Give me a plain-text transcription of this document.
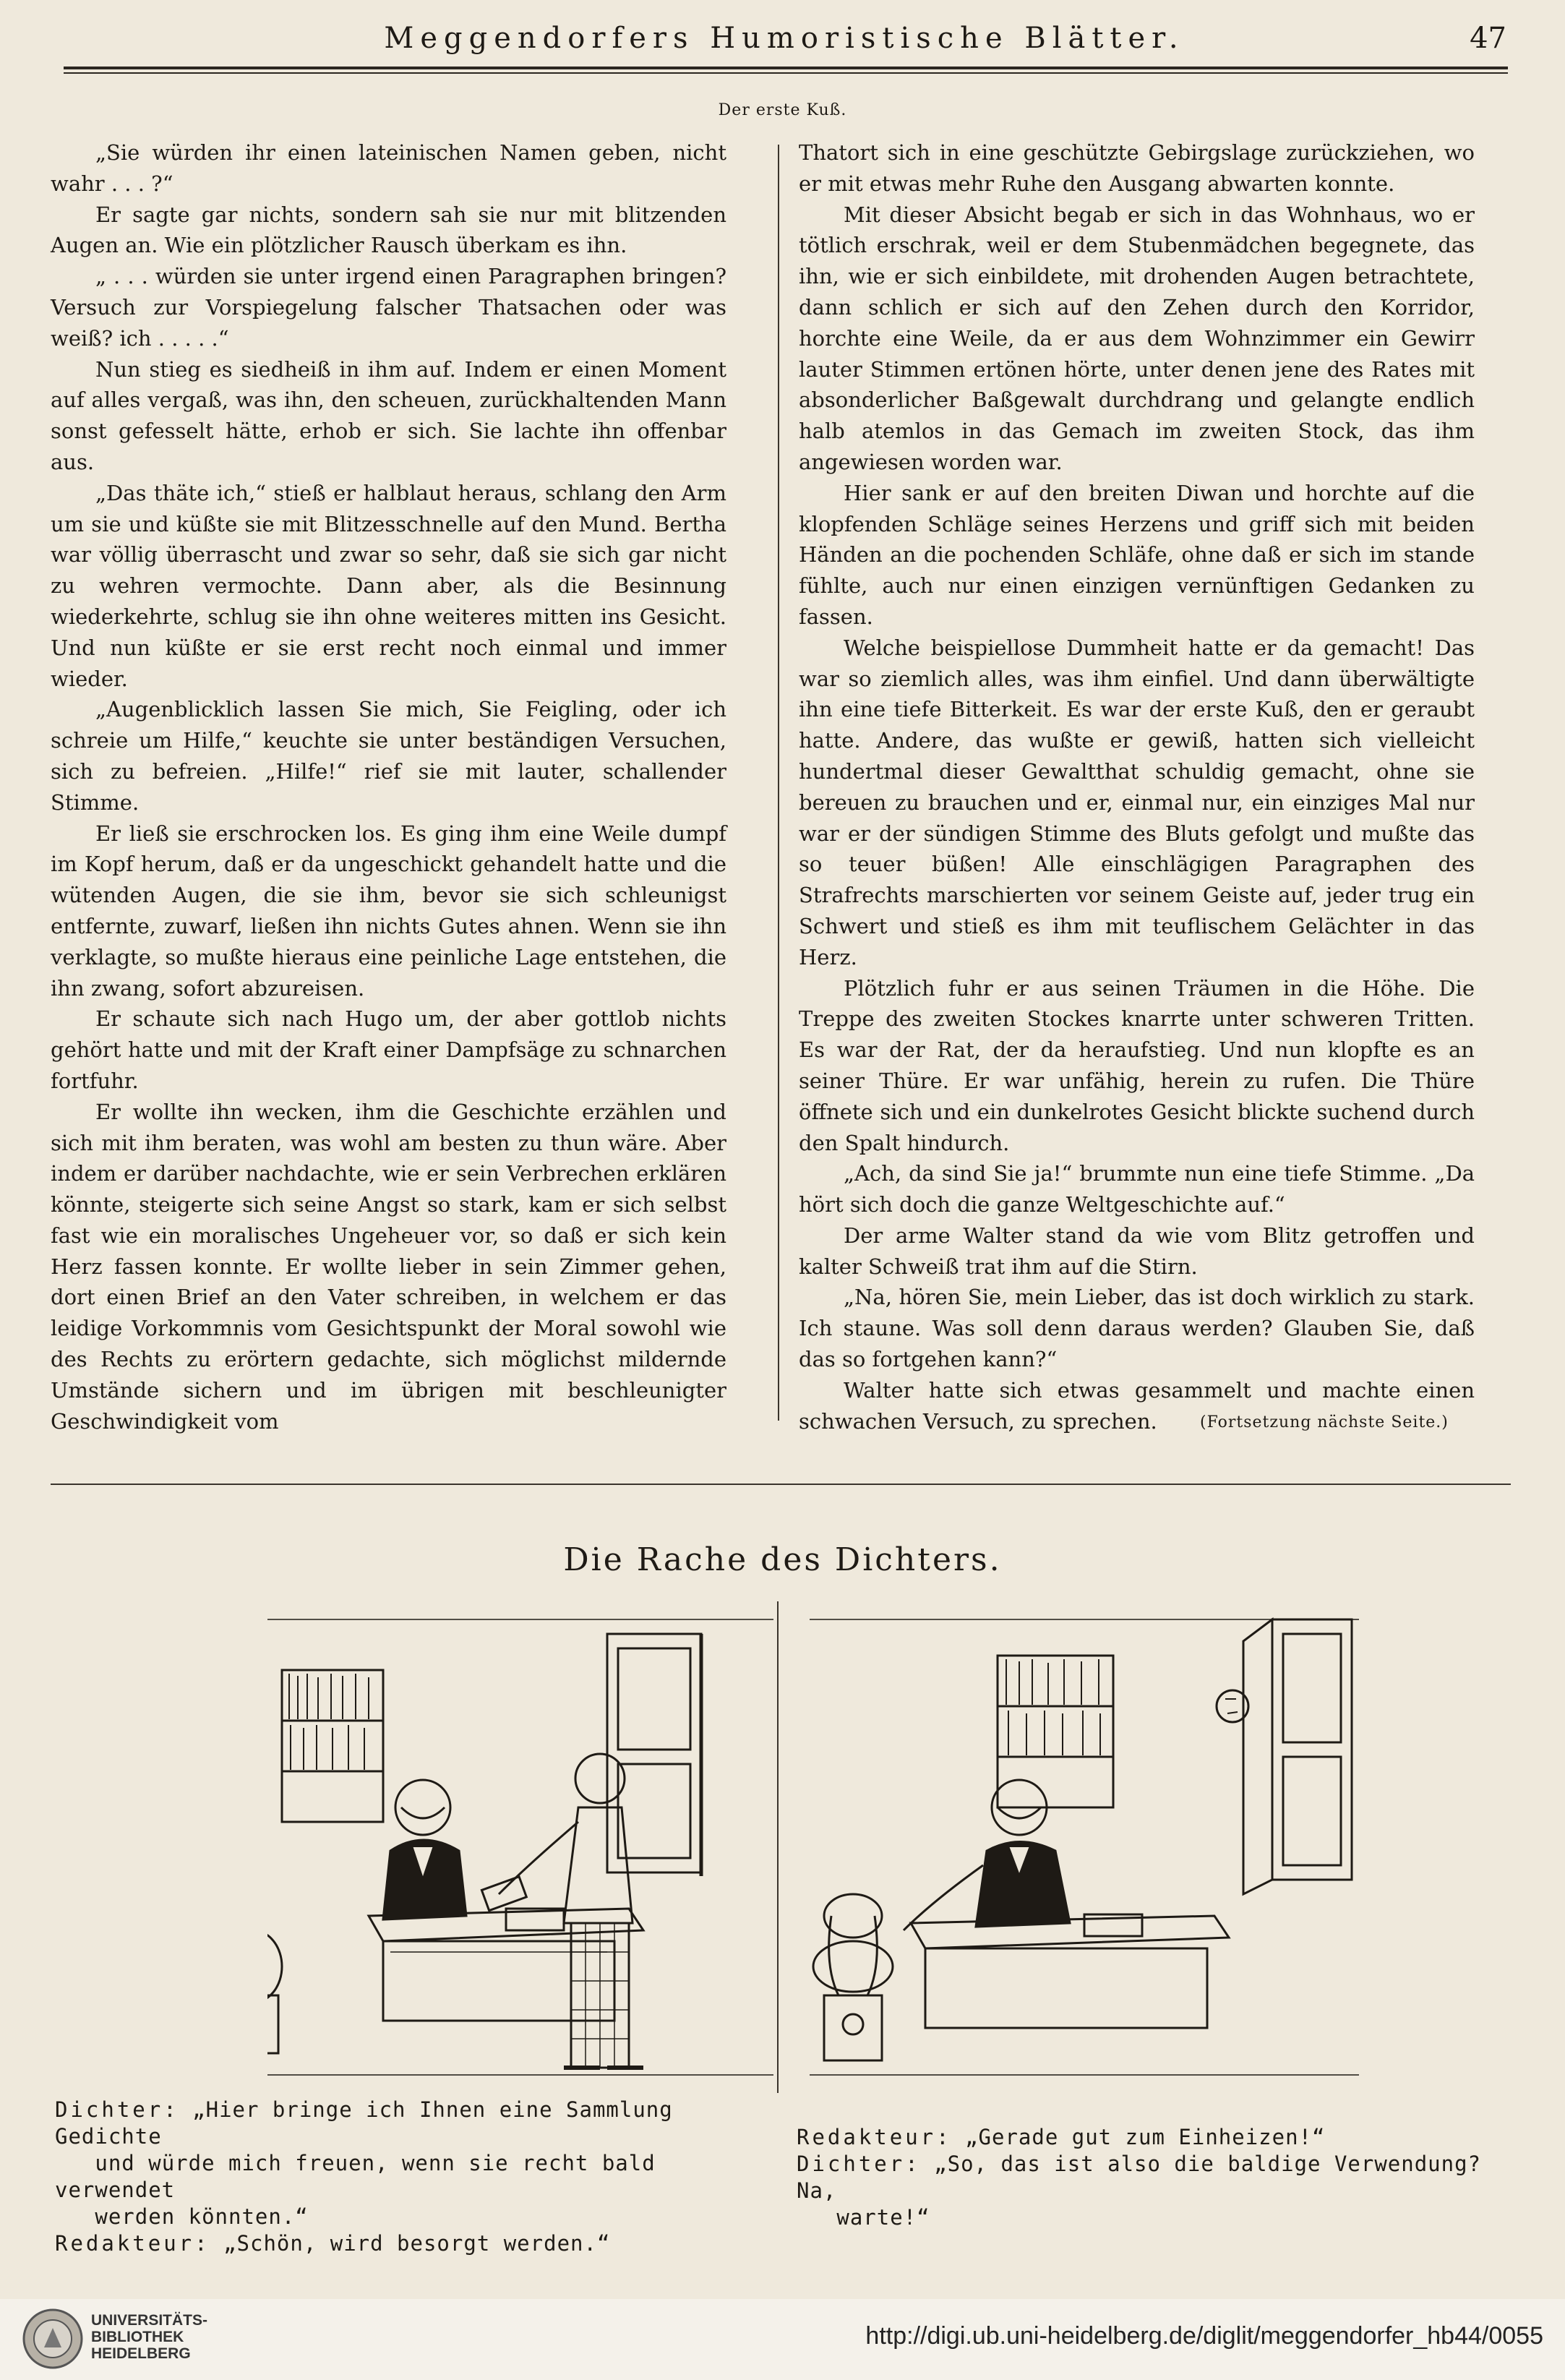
Meggendorfers Humoristische Blätter.	47
Der erste Kuß.

„Sie würden ihr einen lateinischen Namen geben, nicht wahr . . . ?“

Er sagte gar nichts, sondern sah sie nur mit blitzenden Augen an. Wie ein plötzlicher Rausch überkam es ihn.

„ . . . würden sie unter irgend einen Paragraphen bringen? Versuch zur Vorspiegelung falscher Thatsachen oder was weiß? ich . . . . .“

Nun stieg es siedheiß in ihm auf. Indem er einen Moment auf alles vergaß, was ihn, den scheuen, zurückhaltenden Mann sonst gefesselt hätte, erhob er sich. Sie lachte ihn offenbar aus.

„Das thäte ich,“ stieß er halblaut heraus, schlang den Arm um sie und küßte sie mit Blitzesschnelle auf den Mund. Bertha war völlig überrascht und zwar so sehr, daß sie sich gar nicht zu wehren vermochte. Dann aber, als die Besinnung wiederkehrte, schlug sie ihn ohne weiteres mitten ins Gesicht. Und nun küßte er sie erst recht noch einmal und immer wieder.

„Augenblicklich lassen Sie mich, Sie Feigling, oder ich schreie um Hilfe,“ keuchte sie unter beständigen Versuchen, sich zu befreien. „Hilfe!“ rief sie mit lauter, schallender Stimme.

Er ließ sie erschrocken los. Es ging ihm eine Weile dumpf im Kopf herum, daß er da ungeschickt gehandelt hatte und die wütenden Augen, die sie ihm, bevor sie sich schleunigst entfernte, zuwarf, ließen ihn nichts Gutes ahnen. Wenn sie ihn verklagte, so mußte hieraus eine peinliche Lage entstehen, die ihn zwang, sofort abzureisen.

Er schaute sich nach Hugo um, der aber gottlob nichts gehört hatte und mit der Kraft einer Dampfsäge zu schnarchen fortfuhr.

Er wollte ihn wecken, ihm die Geschichte erzählen und sich mit ihm beraten, was wohl am besten zu thun wäre. Aber indem er darüber nachdachte, wie er sein Verbrechen erklären könnte, steigerte sich seine Angst so stark, kam er sich selbst fast wie ein moralisches Ungeheuer vor, so daß er sich kein Herz fassen konnte. Er wollte lieber in sein Zimmer gehen, dort einen Brief an den Vater schreiben, in welchem er das leidige Vorkommnis vom Gesichtspunkt der Moral sowohl wie des Rechts zu erörtern gedachte, sich möglichst mildernde Umstände sichern und im übrigen mit beschleunigter Geschwindigkeit vom

Thatort sich in eine geschützte Gebirgslage zurückziehen, wo er mit etwas mehr Ruhe den Ausgang abwarten konnte.

Mit dieser Absicht begab er sich in das Wohnhaus, wo er tötlich erschrak, weil er dem Stubenmädchen begegnete, das ihn, wie er sich einbildete, mit drohenden Augen betrachtete, dann schlich er sich auf den Zehen durch den Korridor, horchte eine Weile, da er aus dem Wohnzimmer ein Gewirr lauter Stimmen ertönen hörte, unter denen jene des Rates mit absonderlicher Baßgewalt durchdrang und gelangte endlich halb atemlos in das Gemach im zweiten Stock, das ihm angewiesen worden war.

Hier sank er auf den breiten Diwan und horchte auf die klopfenden Schläge seines Herzens und griff sich mit beiden Händen an die pochenden Schläfe, ohne daß er sich im stande fühlte, auch nur einen einzigen vernünftigen Gedanken zu fassen.

Welche beispiellose Dummheit hatte er da gemacht! Das war so ziemlich alles, was ihm einfiel. Und dann überwältigte ihn eine tiefe Bitterkeit. Es war der erste Kuß, den er geraubt hatte. Andere, das wußte er gewiß, hatten sich vielleicht hundertmal dieser Gewaltthat schuldig gemacht, ohne sie bereuen zu brauchen und er, einmal nur, ein einziges Mal nur war er der sündigen Stimme des Bluts gefolgt und mußte das so teuer büßen! Alle einschlägigen Paragraphen des Strafrechts marschierten vor seinem Geiste auf, jeder trug ein Schwert und stieß es ihm mit teuflischem Gelächter in das Herz.

Plötzlich fuhr er aus seinen Träumen in die Höhe. Die Treppe des zweiten Stockes knarrte unter schweren Tritten. Es war der Rat, der da heraufstieg. Und nun klopfte es an seiner Thüre. Er war unfähig, herein zu rufen. Die Thüre öffnete sich und ein dunkelrotes Gesicht blickte suchend durch den Spalt hindurch.

„Ach, da sind Sie ja!“ brummte nun eine tiefe Stimme. „Da hört sich doch die ganze Weltgeschichte auf.“

Der arme Walter stand da wie vom Blitz getroffen und kalter Schweiß trat ihm auf die Stirn.

„Na, hören Sie, mein Lieber, das ist doch wirklich zu stark. Ich staune. Was soll denn daraus werden? Glauben Sie, daß das so fortgehen kann?“

Walter hatte sich etwas gesammelt und machte einen schwachen Versuch, zu sprechen.	(Fortsetzung nächste Seite.)
Die Rache des Dichters.
Dichter: „Hier bringe ich Ihnen eine Sammlung Gedichte
und würde mich freuen, wenn sie recht bald verwendet
werden könnten.“
Redakteur: „Schön, wird besorgt werden.“
Redakteur: „Gerade gut zum Einheizen!“
Dichter: „So, das ist also die baldige Verwendung? Na,
warte!“
UNIVERSITÄTS-
BIBLIOTHEK
HEIDELBERG
http://digi.ub.uni-heidelberg.de/diglit/meggendorfer_hb44/0055
